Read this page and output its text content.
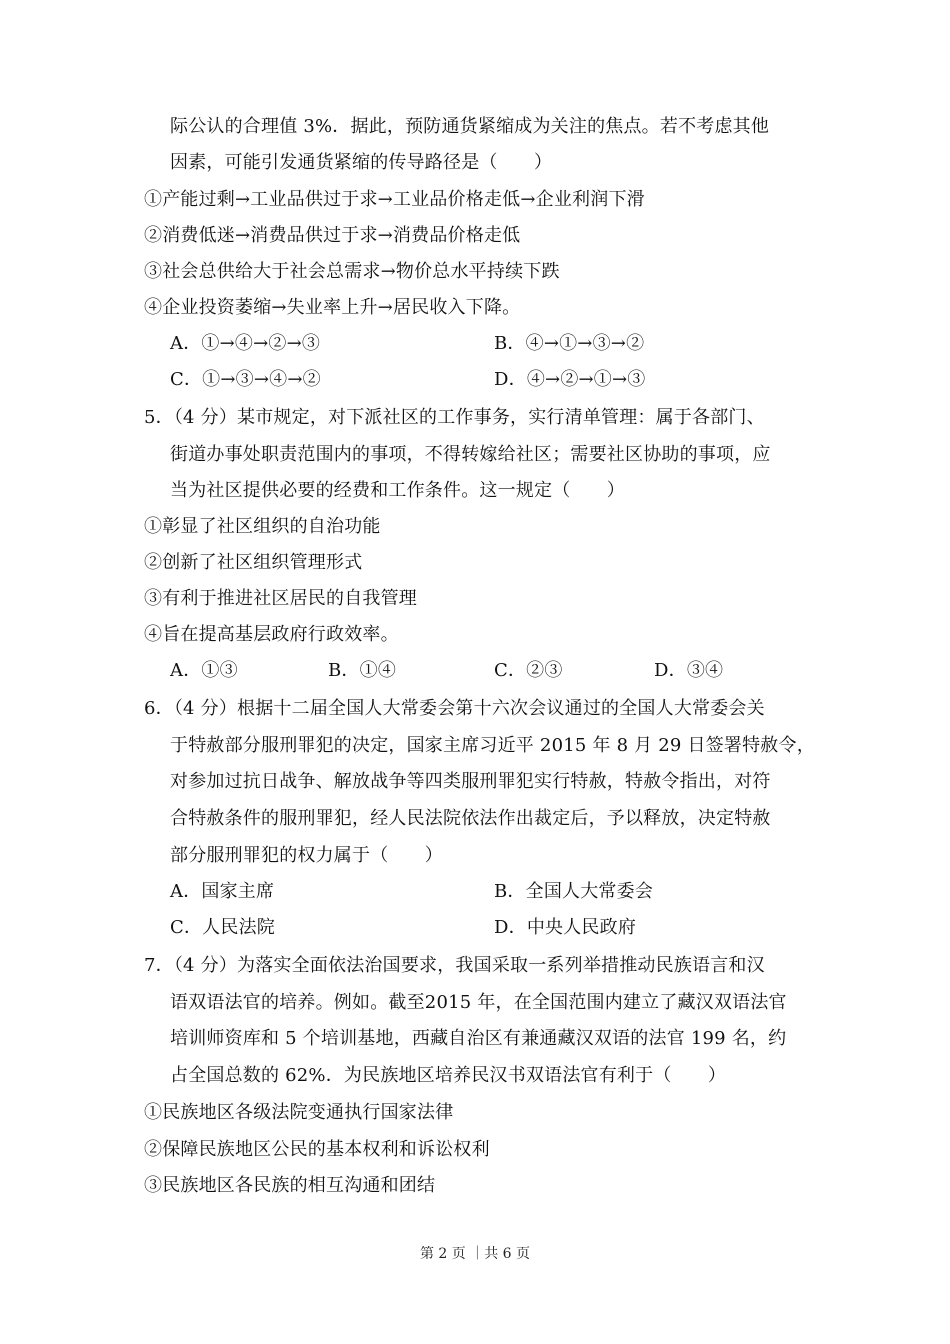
际公认的合理值 3%．据此，预防通货紧缩成为关注的焦点。若不考虑其他
因素，可能引发通货紧缩的传导路径是（　　）
①产能过剩→工业品供过于求→工业品价格走低→企业利润下滑
②消费低迷→消费品供过于求→消费品价格走低
③社会总供给大于社会总需求→物价总水平持续下跌
④企业投资萎缩→失业率上升→居民收入下降。
A．①→④→②→③	B．④→①→③→②
C．①→③→④→②	D．④→②→①→③
5．（4 分）某市规定，对下派社区的工作事务，实行清单管理：属于各部门、
街道办事处职责范围内的事项，不得转嫁给社区；需要社区协助的事项，应
当为社区提供必要的经费和工作条件。这一规定（　　）
①彰显了社区组织的自治功能
②创新了社区组织管理形式
③有利于推进社区居民的自我管理
④旨在提高基层政府行政效率。
A．①③	B．①④	C．②③	D．③④
6．（4 分）根据十二届全国人大常委会第十六次会议通过的全国人大常委会关
于特赦部分服刑罪犯的决定，国家主席习近平 2015 年 8 月 29 日签署特赦令，
对参加过抗日战争、解放战争等四类服刑罪犯实行特赦，特赦令指出，对符
合特赦条件的服刑罪犯，经人民法院依法作出裁定后，予以释放，决定特赦
部分服刑罪犯的权力属于（　　）
A．国家主席	B．全国人大常委会
C．人民法院	D．中央人民政府
7．（4 分）为落实全面依法治国要求，我国采取一系列举措推动民族语言和汉
语双语法官的培养。例如。截至2015 年，在全国范围内建立了藏汉双语法官
培训师资库和 5 个培训基地，西藏自治区有兼通藏汉双语的法官 199 名，约
占全国总数的 62%．为民族地区培养民汉书双语法官有利于（　　）
①民族地区各级法院变通执行国家法律
②保障民族地区公民的基本权利和诉讼权利
③民族地区各民族的相互沟通和团结
第 2 页 ｜共 6 页
